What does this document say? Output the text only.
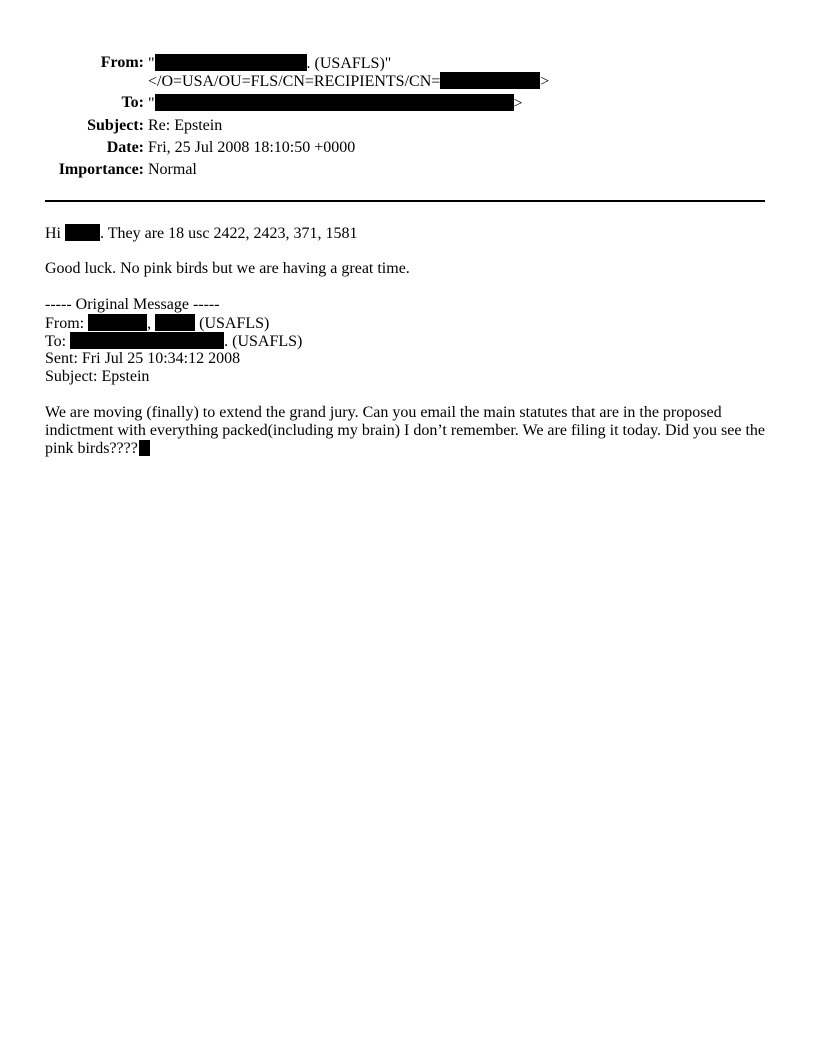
From: "	. (USAFLS)"
</O=USA/OU=FLS/CN=RECIPIENTS/CN=	>
To: "	>
Subject: Re: Epstein
Date: Fri, 25 Jul 2008 18:10:50 +0000
Importance: Normal
Hi . They are 18 usc 2422, 2423, 371, 1581
Good luck. No pink birds but we are having a great time.
----- Original Message -----
From:	,	(USAFLS)
To:	. (USAFLS)
Sent: Fri Jul 25 10:34:12 2008
Subject: Epstein
We are moving (finally) to extend the grand jury. Can you email the main statutes that are in the proposed indictment with everything packed(including my brain) I don’t remember. We are filing it today. Did you see the pink birds????
